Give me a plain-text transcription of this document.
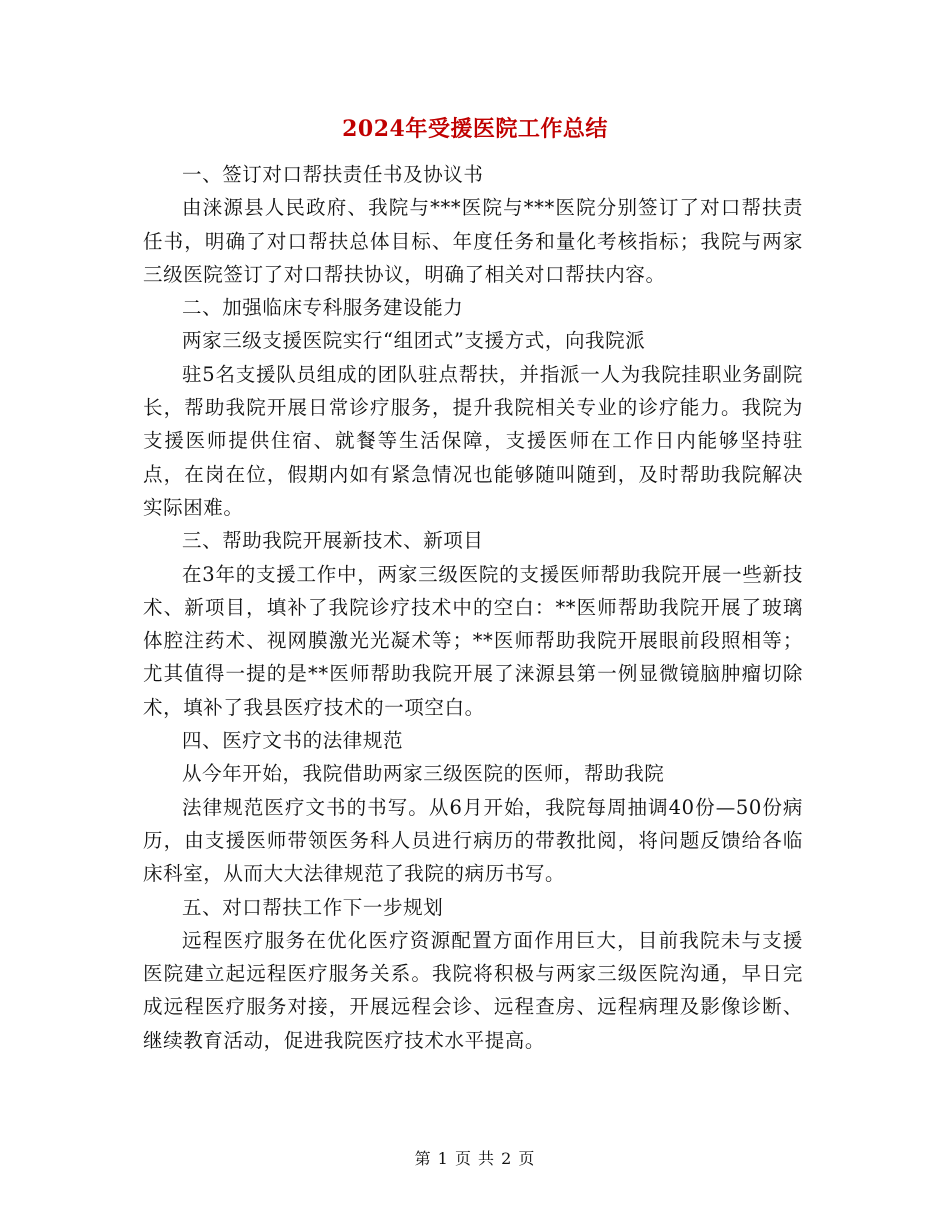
2024年受援医院工作总结

一、签订对口帮扶责任书及协议书

由涞源县人民政府、我院与***医院与***医院分别签订了对口帮扶责任书，明确了对口帮扶总体目标、年度任务和量化考核指标；我院与两家三级医院签订了对口帮扶协议，明确了相关对口帮扶内容。

二、加强临床专科服务建设能力

两家三级支援医院实行“组团式”支援方式，向我院派

驻5名支援队员组成的团队驻点帮扶，并指派一人为我院挂职业务副院长，帮助我院开展日常诊疗服务，提升我院相关专业的诊疗能力。我院为支援医师提供住宿、就餐等生活保障，支援医师在工作日内能够坚持驻点，在岗在位，假期内如有紧急情况也能够随叫随到，及时帮助我院解决实际困难。

三、帮助我院开展新技术、新项目

在3年的支援工作中，两家三级医院的支援医师帮助我院开展一些新技术、新项目，填补了我院诊疗技术中的空白：**医师帮助我院开展了玻璃体腔注药术、视网膜激光光凝术等；**医师帮助我院开展眼前段照相等；尤其值得一提的是**医师帮助我院开展了涞源县第一例显微镜脑肿瘤切除术，填补了我县医疗技术的一项空白。

四、医疗文书的法律规范

从今年开始，我院借助两家三级医院的医师，帮助我院

法律规范医疗文书的书写。从6月开始，我院每周抽调40份—50份病历，由支援医师带领医务科人员进行病历的带教批阅，将问题反馈给各临床科室，从而大大法律规范了我院的病历书写。

五、对口帮扶工作下一步规划

远程医疗服务在优化医疗资源配置方面作用巨大，目前我院未与支援医院建立起远程医疗服务关系。我院将积极与两家三级医院沟通，早日完成远程医疗服务对接，开展远程会诊、远程查房、远程病理及影像诊断、继续教育活动，促进我院医疗技术水平提高。

第 1 页 共 2 页
